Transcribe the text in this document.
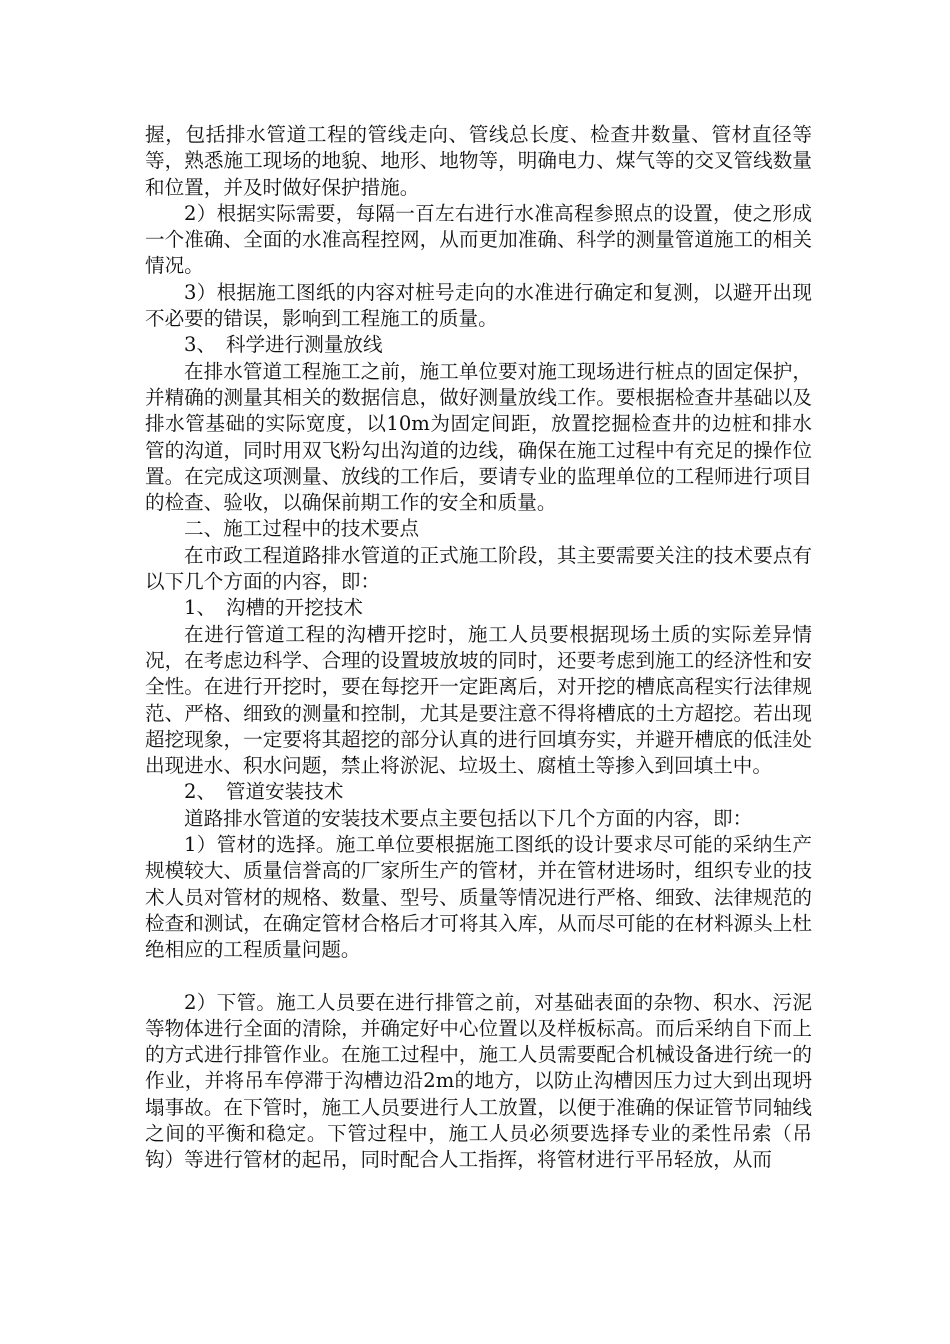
握，包括排水管道工程的管线走向、管线总长度、检查井数量、管材直径等等，熟悉施工现场的地貌、地形、地物等，明确电力、煤气等的交叉管线数量和位置，并及时做好保护措施。

2）根据实际需要，每隔一百左右进行水准高程参照点的设置，使之形成一个准确、全面的水准高程控网，从而更加准确、科学的测量管道施工的相关情况。

3）根据施工图纸的内容对桩号走向的水准进行确定和复测，以避开出现不必要的错误，影响到工程施工的质量。

3、　科学进行测量放线

在排水管道工程施工之前，施工单位要对施工现场进行桩点的固定保护，并精确的测量其相关的数据信息，做好测量放线工作。要根据检查井基础以及排水管基础的实际宽度，以10m为固定间距，放置挖掘检查井的边桩和排水管的沟道，同时用双飞粉勾出沟道的边线，确保在施工过程中有充足的操作位置。在完成这项测量、放线的工作后，要请专业的监理单位的工程师进行项目的检查、验收，以确保前期工作的安全和质量。

二、施工过程中的技术要点

在市政工程道路排水管道的正式施工阶段，其主要需要关注的技术要点有以下几个方面的内容，即：

1、　沟槽的开挖技术

在进行管道工程的沟槽开挖时，施工人员要根据现场土质的实际差异情况，在考虑边科学、合理的设置坡放坡的同时，还要考虑到施工的经济性和安全性。在进行开挖时，要在每挖开一定距离后，对开挖的槽底高程实行法律规范、严格、细致的测量和控制，尤其是要注意不得将槽底的土方超挖。若出现超挖现象，一定要将其超挖的部分认真的进行回填夯实，并避开槽底的低洼处出现进水、积水问题，禁止将淤泥、垃圾土、腐植土等掺入到回填土中。

2、　管道安装技术

道路排水管道的安装技术要点主要包括以下几个方面的内容，即：

1）管材的选择。施工单位要根据施工图纸的设计要求尽可能的采纳生产规模较大、质量信誉高的厂家所生产的管材，并在管材进场时，组织专业的技术人员对管材的规格、数量、型号、质量等情况进行严格、细致、法律规范的检查和测试，在确定管材合格后才可将其入库，从而尽可能的在材料源头上杜绝相应的工程质量问题。

2）下管。施工人员要在进行排管之前，对基础表面的杂物、积水、污泥等物体进行全面的清除，并确定好中心位置以及样板标高。而后采纳自下而上的方式进行排管作业。在施工过程中，施工人员需要配合机械设备进行统一的作业，并将吊车停滞于沟槽边沿2m的地方，以防止沟槽因压力过大到出现坍塌事故。在下管时，施工人员要进行人工放置，以便于准确的保证管节同轴线之间的平衡和稳定。下管过程中，施工人员必须要选择专业的柔性吊索（吊钩）等进行管材的起吊，同时配合人工指挥，将管材进行平吊轻放，从而
